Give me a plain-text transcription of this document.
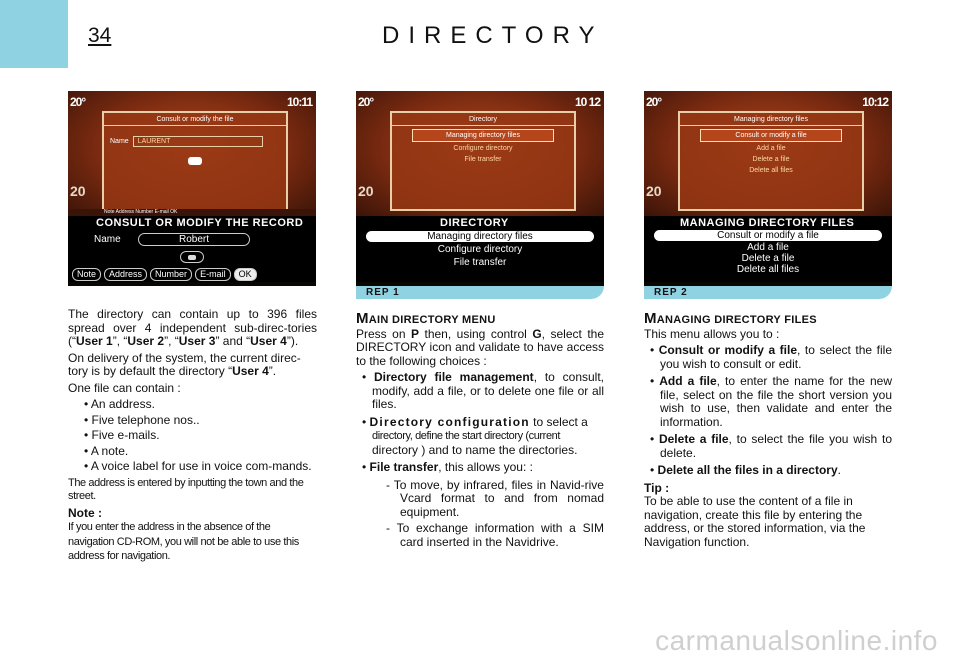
34	DIRECTORY
20°	10:11
20
Consult or modify the file
Name	LAURENT
Note Address Number E-mail OK
CONSULT OR MODIFY THE RECORD
Name	Robert
Note	Address	Number	E-mail	OK
20°	10 12
20
Directory
Managing directory files
Configure directory
File transfer
DIRECTORY
Managing directory files
Configure directory
File transfer
20°	10:12
20
Managing directory files
Consult or modify a file
Add a file
Delete a file
Delete all files
MANAGING DIRECTORY FILES
Consult or modify a file
Add a file
Delete a file
Delete all files
REP 1	REP 2

The directory can contain up to 396 files spread over 4 independent sub-direc-tories (“User 1”, “User 2”, “User 3” and “User 4”).

On delivery of the system, the current direc-tory is by default the directory “User 4”.

One file can contain :

• An address.
• Five telephone nos..
• Five e-mails.
• A note.
• A voice label for use in voice com-mands.

The address is entered by inputting the town and the street.

Note :
If you enter the address in the absence of the navigation CD-ROM, you will not be able to use this address for navigation.

MAIN DIRECTORY MENU

Press on P then, using control G, select the DIRECTORY icon and validate to have access to the following choices :

• Directory file management, to consult, modify, add a file, or to delete one file or all files.
• Directory configuration to select a
directory, define the start directory (current
directory ) and to name the directories.
• File transfer, this allows you: :
- To move, by infrared, files in Navid-rive Vcard format to and from nomad equipment.
- To exchange information with a SIM card inserted in the Navidrive.
MANAGING DIRECTORY FILES

This menu allows you to :

• Consult or modify a file, to select the file you wish to consult or edit.
• Add a file, to enter the name for the new file, select on the file the short version you wish to use, then validate and enter the information.
• Delete a file, to select the file you wish to delete.
• Delete all the files in a directory.

Tip :
To be able to use the content of a file in navigation, create this file by entering the address, or the stored information, via the Navigation function.

carmanualsonline.info
